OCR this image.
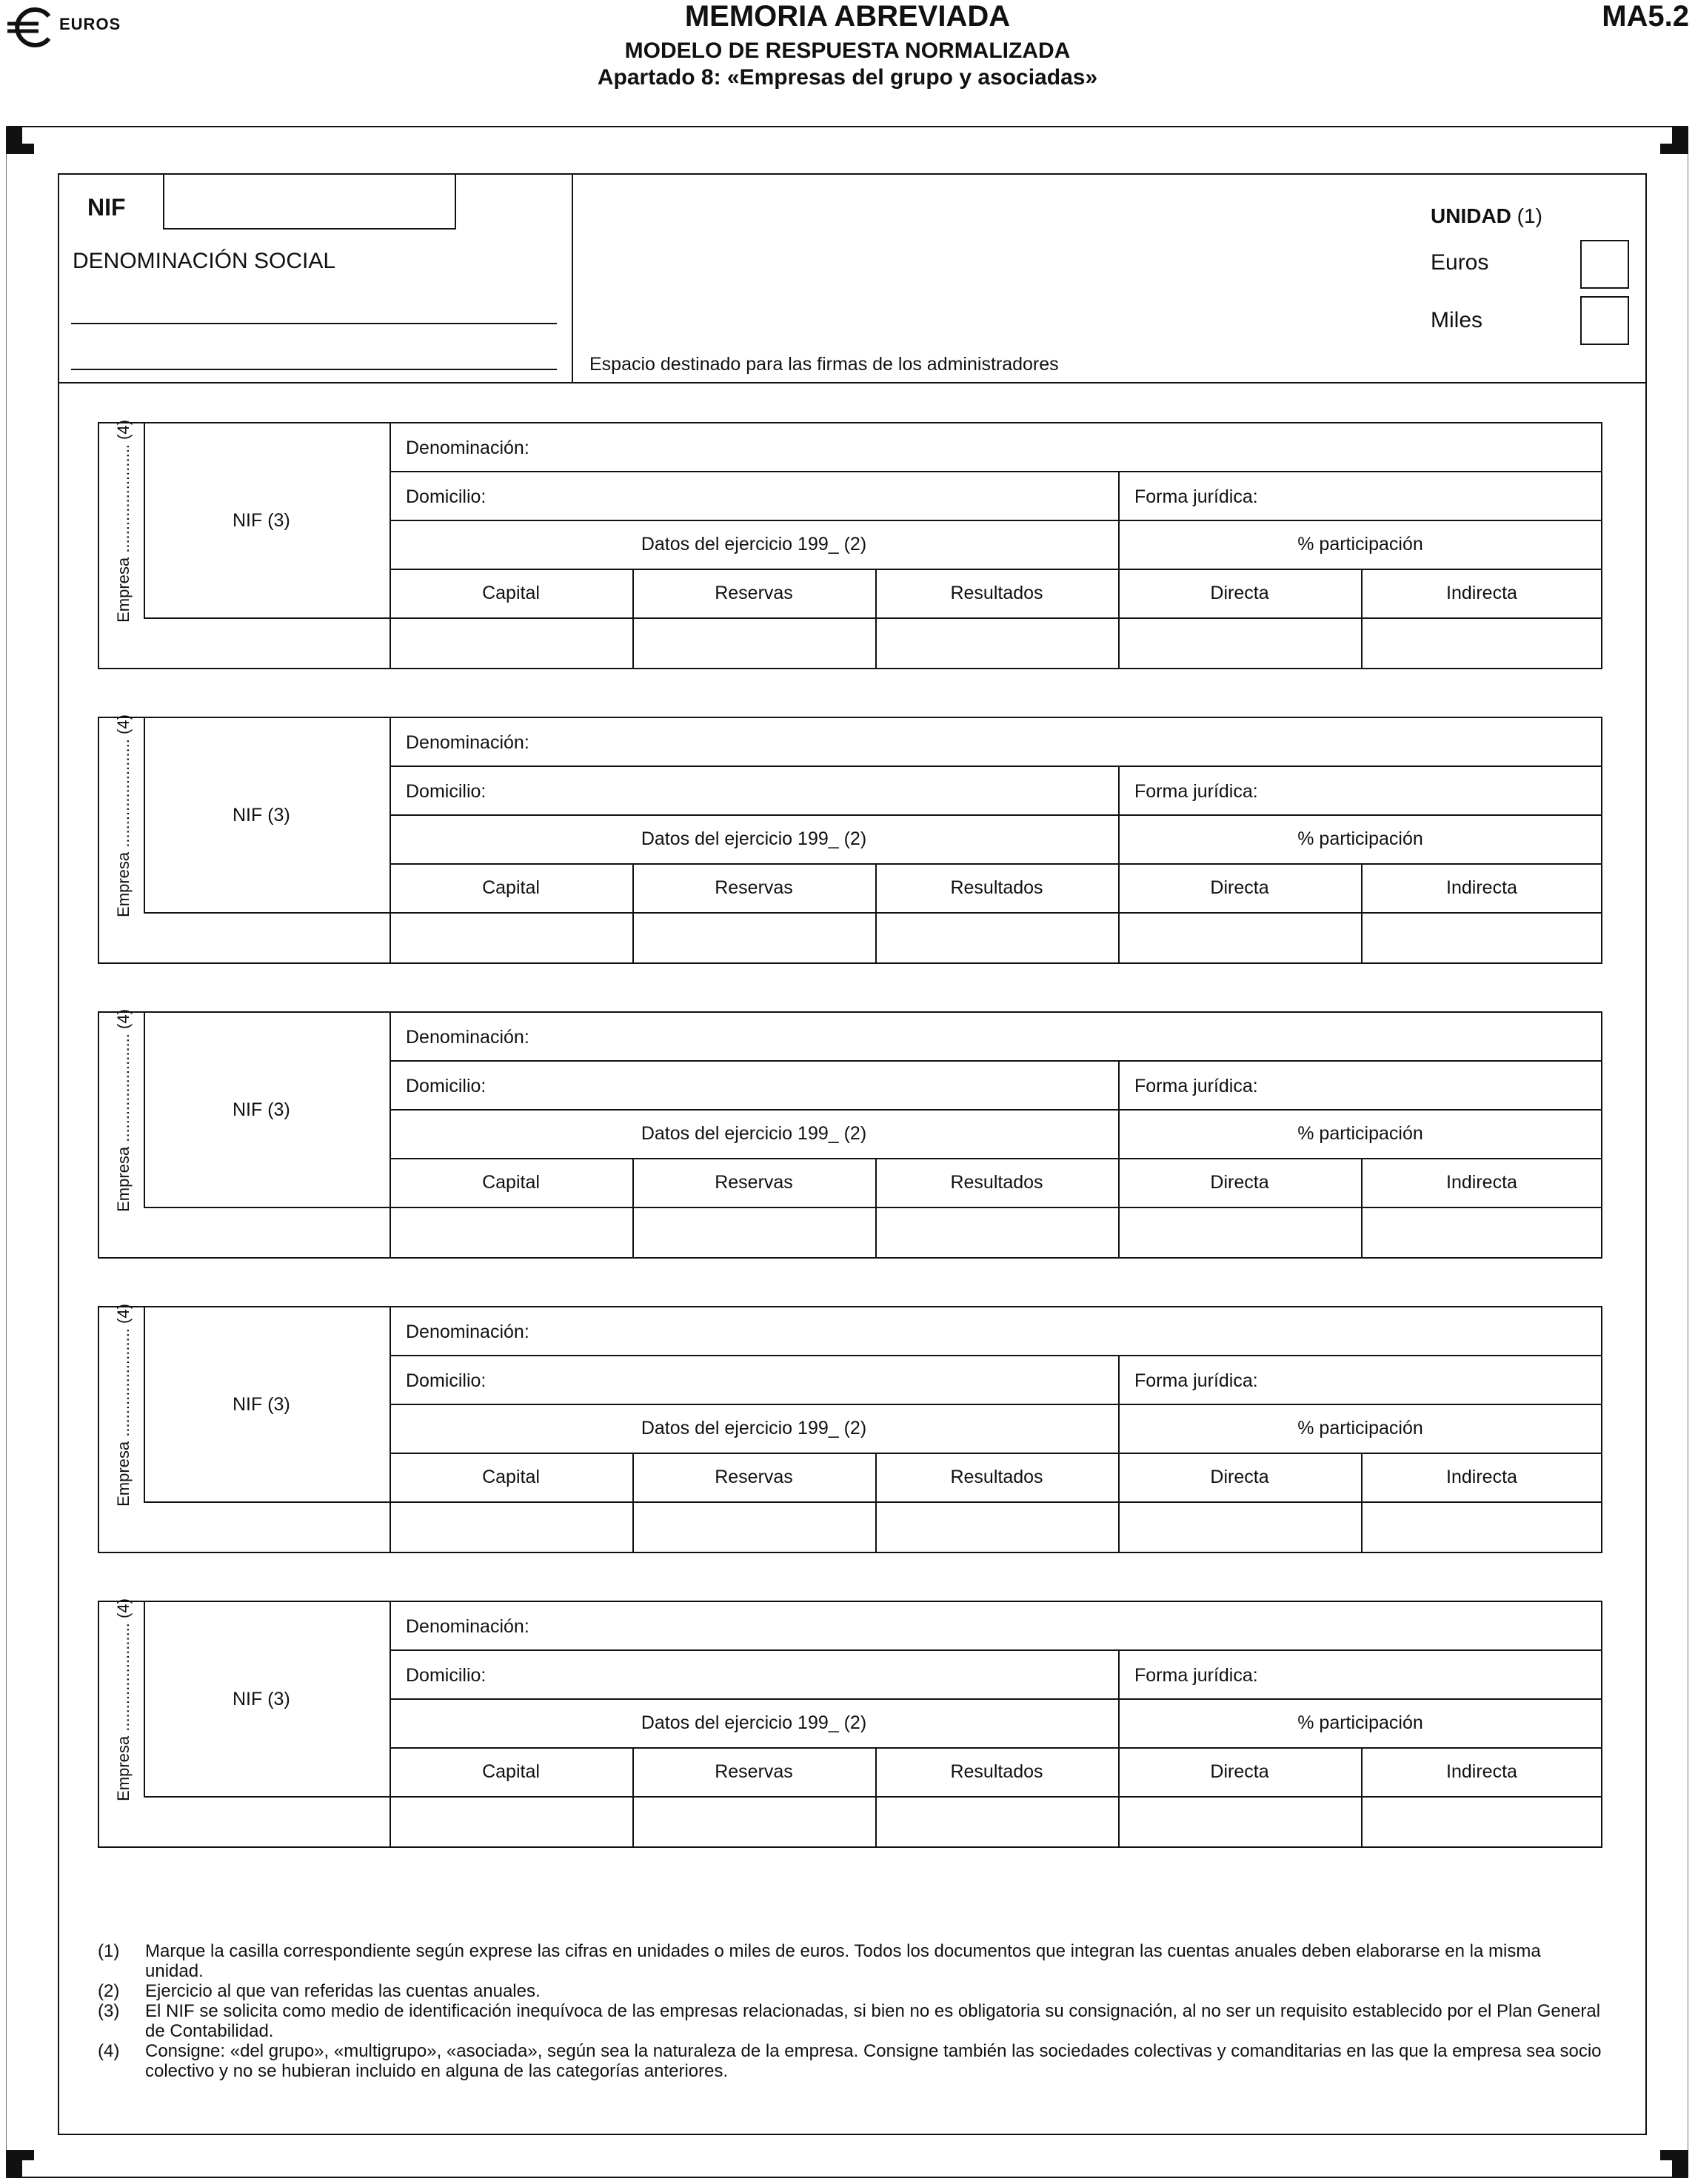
EUROS	MEMORIA ABREVIADA
MODELO DE RESPUESTA NORMALIZADA
Apartado 8: «Empresas del grupo y asociadas»
MA5.2
NIF
DENOMINACIÓN SOCIAL
Espacio destinado para las firmas de los administradores
UNIDAD (1)
Euros
Miles
Empresa ........................ (4)	NIF (3)
Denominación:
Domicilio:	Forma jurídica:
Datos del ejercicio 199_ (2)	% participación
Capital	Reservas	Resultados	Directa	Indirecta
Empresa ........................ (4)	NIF (3)
Denominación:
Domicilio:	Forma jurídica:
Datos del ejercicio 199_ (2)	% participación
Capital	Reservas	Resultados	Directa	Indirecta
Empresa ........................ (4)	NIF (3)
Denominación:
Domicilio:	Forma jurídica:
Datos del ejercicio 199_ (2)	% participación
Capital	Reservas	Resultados	Directa	Indirecta
Empresa ........................ (4)	NIF (3)
Denominación:
Domicilio:	Forma jurídica:
Datos del ejercicio 199_ (2)	% participación
Capital	Reservas	Resultados	Directa	Indirecta
Empresa ........................ (4)	NIF (3)
Denominación:
Domicilio:	Forma jurídica:
Datos del ejercicio 199_ (2)	% participación
Capital	Reservas	Resultados	Directa	Indirecta
(1)	Marque la casilla correspondiente según exprese las cifras en unidades o miles de euros. Todos los documentos que integran las cuentas anuales deben elaborarse en la misma unidad.
(2)	Ejercicio al que van referidas las cuentas anuales.
(3)	El NIF se solicita como medio de identificación inequívoca de las empresas relacionadas, si bien no es obligatoria su consignación, al no ser un requisito establecido por el Plan General de Contabilidad.
(4)	Consigne: «del grupo», «multigrupo», «asociada», según sea la naturaleza de la empresa. Consigne también las sociedades colectivas y comanditarias en las que la empresa sea socio colectivo y no se hubieran incluido en alguna de las categorías anteriores.
